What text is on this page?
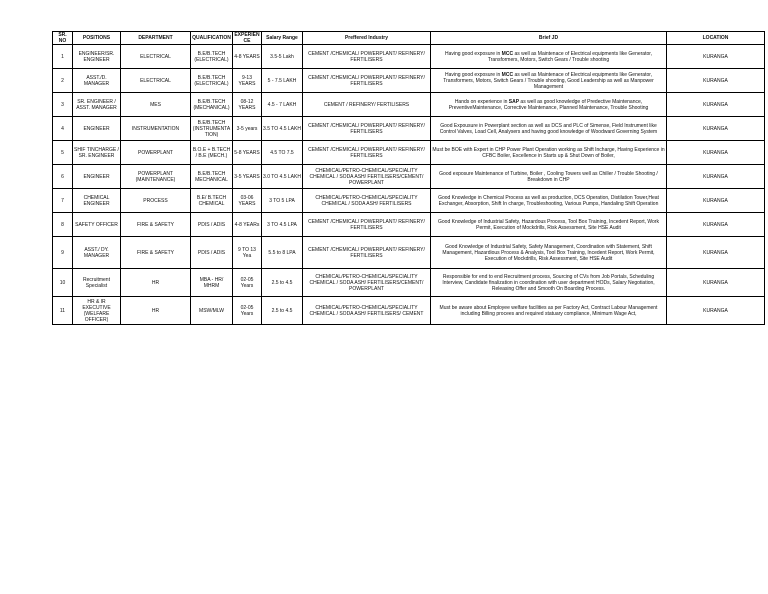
SR. NO	POSITIONS	DEPARTMENT	QUALIFICATION	EXPERIENCE	Salary Range	Preffered Industry	Brief JD	LOCATION
1	ENGINEER/SR. ENGINEER	ELECTRICAL	B.E/B.TECH (ELECTRICAL)	4-8 YEARS	3.5-5 Lakh	CEMENT /CHEMICAL/ POWERPLANT/ REFINERY/ FERTILISERS	Having good exposure in MCC as well as Maintenace of Electrical equipments like Generator, Transformers, Motors, Switch Gears / Trouble shooting	KURANGA
2	ASST./D. MANAGER	ELECTRICAL	B.E/B.TECH (ELECTRICAL)	9-13 YEARS	5 - 7.5 LAKH	CEMENT /CHEMICAL/ POWERPLANT/ REFINERY/ FERTILISERS	Having good exposure in MCC as well as Maintenace of Electrical equipments like Generator, Transformers, Motors, Switch Gears / Trouble shooting, Good Leadership as well as Manpower Management	KURANGA
3	SR. ENGINEER / ASST. MANAGER	MES	B.E/B.TECH (MECHANICAL)	08-12 YEARS	4.5 - 7 LAKH	CEMENT / REFINERY/ FERTILISERS	Hands on experience in SAP as well as good knowledge of Predective Maintenance, PreventiveMaintenance, Corrective Maintenance, Planned Maintenance, Trouble Shooting	KURANGA
4	ENGINEER	INSTRUMENTATION	B.E/B.TECH (INSTRUMENTATION)	3-5 years	3.5 TO 4.5 LAKH	CEMENT /CHEMICAL/ POWERPLANT/ REFINERY/ FERTILISERS	Good Expousure in Powerplant section as well as DCS and PLC of Simense, Field Instrument like Control Valves, Load Cell, Analysers and having good knowledge of Woodward Governing System	KURANGA
5	SHIF TINCHARGE / SR. ENGINEER	POWERPLANT	B.O.E + B.TECH / B.E (MECH.)	5-8 YEARS	4.5 TO 7.5	CEMENT /CHEMICAL/ POWERPLANT/ REFINERY/ FERTILISERS	Must be BOE with Expert in CHP Power Plant Operation working as Shift Incharge, Having Experience in CFBC Boiler, Excellence in Starts up & Shut Down of Boiler,	KURANGA
6	ENGINEER	POWERPLANT (MAINTENANCE)	B.E/B.TECH MECHANICAL	3-5 YEARS	3.0 TO 4.5 LAKH	CHEMICAL/PETRO-CHEMICAL/SPECIALITY CHEMICAL / SODA ASH/ FERTILISERS/CEMENT/ POWERPLANT	Good exposure Maintenance of Turbine, Boiler , Cooling Towers well as Chiller / Trouble Shooting / Breakdown in CHP	KURANGA
7	CHEMICAL ENGINEER	PROCESS	B.E/ B.TECH CHEMICAL	03-06 YEARS	3 TO 5 LPA	CHEMICAL/PETRO-CHEMICAL/SPECIALITY CHEMICAL / SODA ASH/ FERTILISERS	Good Knowledge in Chemical Process as well as production, DCS Operation, Distilation Tower,Heat Exchanger, Absorption, Shift In charge, Troubleshooting, Various Pumps, Handaling Shift Operation	KURANGA
8	SAFETY OFFICER	FIRE & SAFETY	PDIS / ADIS	4-8 YEARs	3 TO 4.5 LPA	CEMENT /CHEMICAL/ POWERPLANT/ REFINERY/ FERTILISERS	Good Knowledge of Industrial Safety, Hazardous Process, Tool Box Training, Incedent Report, Work Permit, Execution of Mockdrills, Risk Assessment, Site HSE Audit	KURANGA
9	ASST./ DY. MANAGER	FIRE & SAFETY	PDIS / ADIS	9 TO 13 Yea	5.5 to 8 LPA	CEMENT /CHEMICAL/ POWERPLANT/ REFINERY/ FERTILISERS	Good Knowledge of Industrial Safety, Safety Management, Coordination with Statement, Shift Management, Hazardious Process & Analysis, Tool Box Training, Incedent Report, Work Permit, Execution of Mockdrills, Risk Assessment, Site HSE Audit	KURANGA
10	Recruitment Specialist	HR	MBA - HR/ MHRM	02-05 Years	2.5 to 4.5	CHEMICAL/PETRO-CHEMICAL/SPECIALITY CHEMICAL / SODA ASH/ FERTILISERS/CEMENT/ POWERPLANT	Responsible for end to end Recruitment process, Sourcing of CVs from Job Portals, Scheduling Interview, Candidate finalization in coordination with user department HODs, Salary Negotiation, Releasing Offer and Smooth On Boarding Process.	KURANGA
11	HR & IR EXECUTIVE (WELFARE OFFICER)	HR	MSW/MLW	02-05 Years	2.5 to 4.5	CHEMICAL/PETRO-CHEMICAL/SPECIALITY CHEMICAL / SODA ASH/ FERTILISERS/ CEMENT	Must be aware about Employee welfare facilities as per Factory Act, Contract Labour Management including Billing procees and required statuary compliance, Minimum Wage Act,	KURANGA
